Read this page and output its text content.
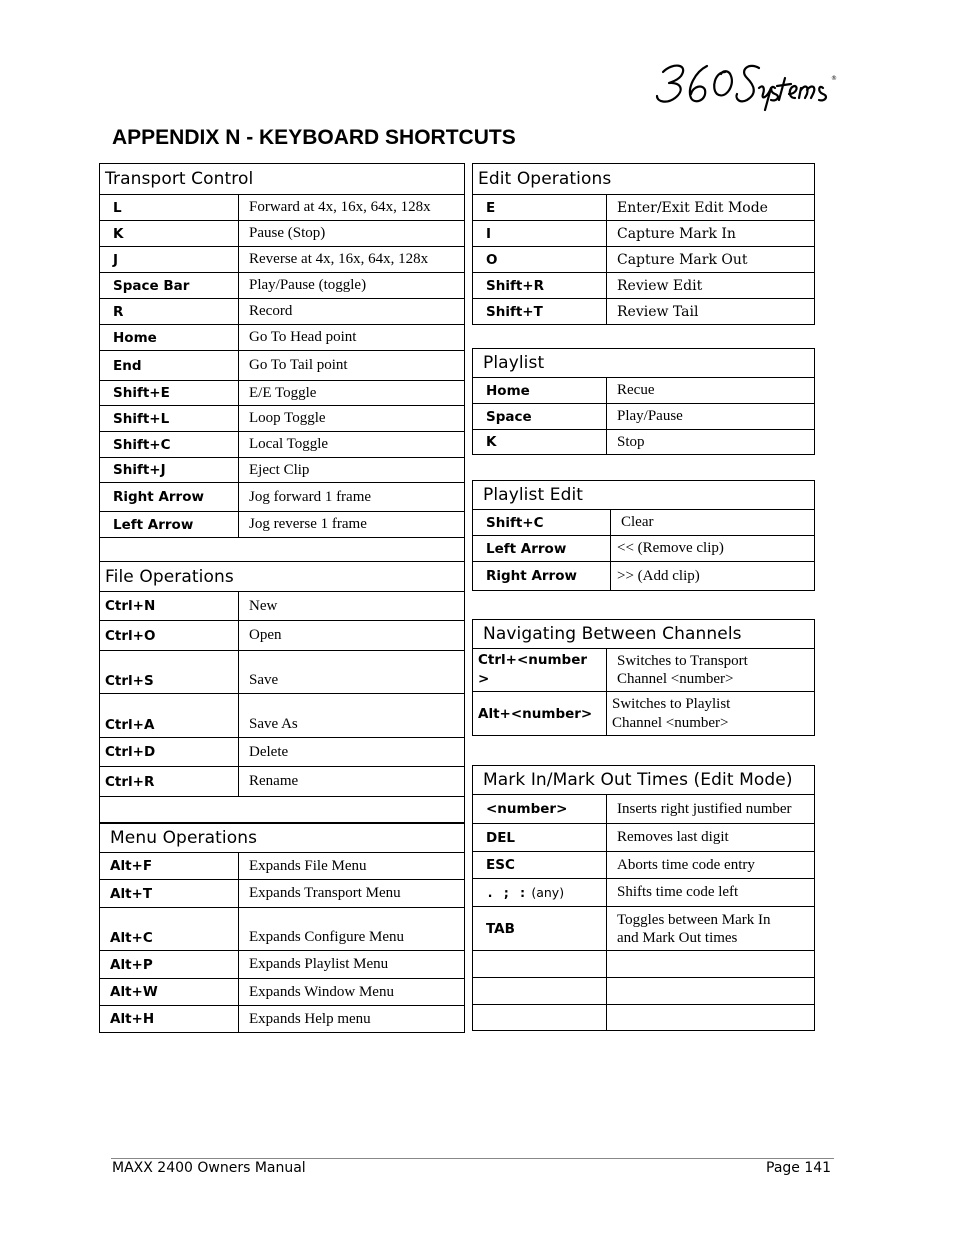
®
APPENDIX N - KEYBOARD SHORTCUTS
Transport Control	
L	Forward at 4x, 16x, 64x, 128x
K	Pause (Stop)
J	Reverse at 4x, 16x, 64x, 128x
Space Bar	Play/Pause (toggle)
R	Record
Home	Go To Head point
End	Go To Tail point
Shift+E	E/E Toggle
Shift+L	Loop Toggle
Shift+C	Local Toggle
Shift+J	Eject Clip
Right Arrow	Jog forward 1 frame
Left Arrow	Jog reverse 1 frame

File Operations	
Ctrl+N	New
Ctrl+O	Open
Ctrl+S	Save
Ctrl+A	Save As
Ctrl+D	Delete
Ctrl+R	Rename

Menu Operations	
Alt+F	Expands File Menu
Alt+T	Expands Transport Menu
Alt+C	Expands Configure Menu
Alt+P	Expands Playlist Menu
Alt+W	Expands Window Menu
Alt+H	Expands Help menu
Edit Operations	
E	Enter/Exit Edit Mode
I	Capture Mark In
O	Capture Mark Out
Shift+R	Review Edit
Shift+T	Review Tail
Playlist	
Home	Recue
Space	Play/Pause
K	Stop
Playlist Edit	
Shift+C	Clear
Left Arrow	<< (Remove clip)
Right Arrow	>> (Add clip)
Navigating Between Channels	
Ctrl+<number
>	Switches to Transport
Channel <number>
Alt+<number>	Switches to Playlist
Channel <number>
Mark In/Mark Out Times (Edit Mode)	
<number>	Inserts right justified number
DEL	Removes last digit
ESC	Aborts time code entry
. ; : (any)	Shifts time code left
TAB	Toggles between Mark In
and Mark Out times

MAXX 2400 Owners Manual	Page 141
